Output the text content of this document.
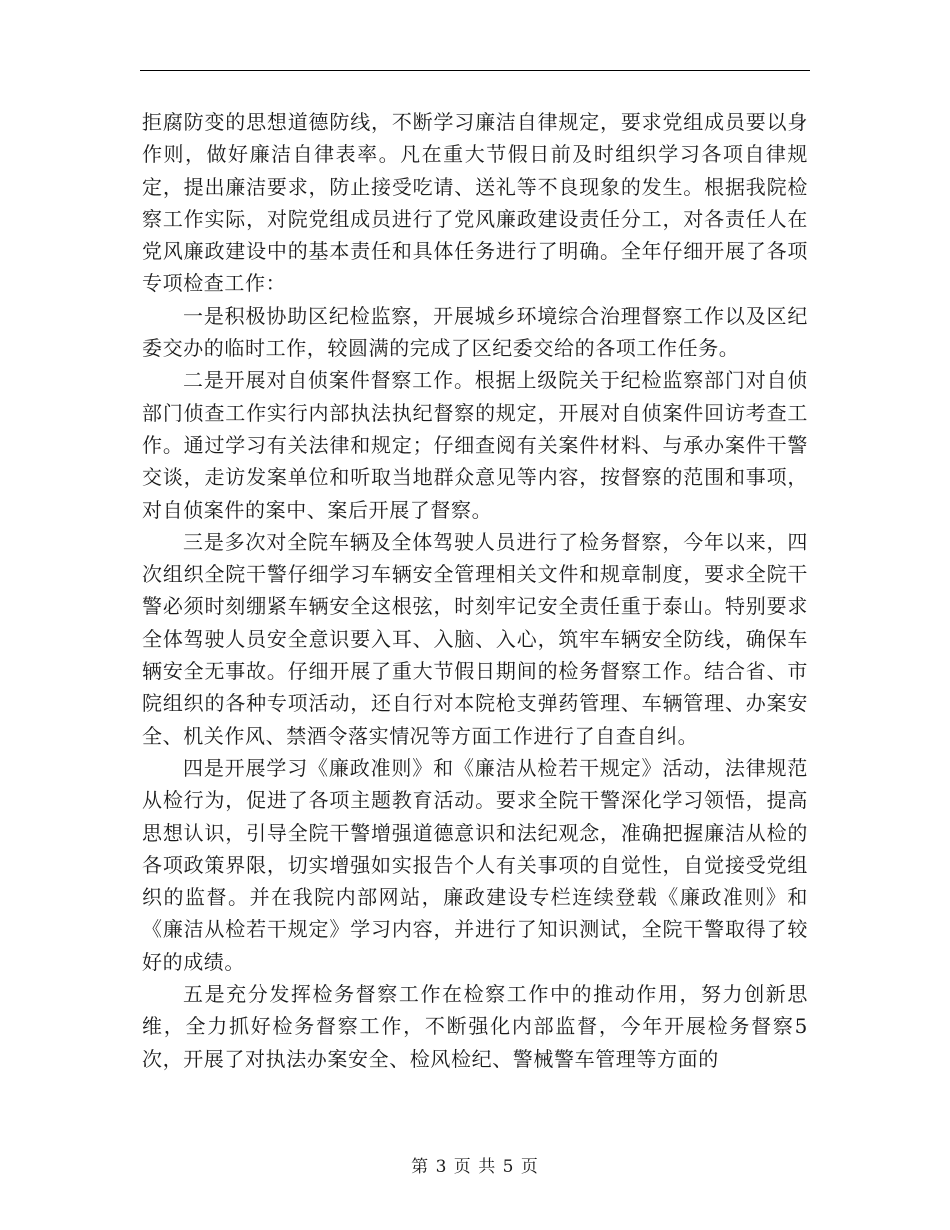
拒腐防变的思想道德防线，不断学习廉洁自律规定，要求党组成员要以身作则，做好廉洁自律表率。凡在重大节假日前及时组织学习各项自律规定，提出廉洁要求，防止接受吃请、送礼等不良现象的发生。根据我院检察工作实际，对院党组成员进行了党风廉政建设责任分工，对各责任人在党风廉政建设中的基本责任和具体任务进行了明确。全年仔细开展了各项专项检查工作：

一是积极协助区纪检监察，开展城乡环境综合治理督察工作以及区纪委交办的临时工作，较圆满的完成了区纪委交给的各项工作任务。

二是开展对自侦案件督察工作。根据上级院关于纪检监察部门对自侦部门侦查工作实行内部执法执纪督察的规定，开展对自侦案件回访考查工作。通过学习有关法律和规定；仔细查阅有关案件材料、与承办案件干警交谈，走访发案单位和听取当地群众意见等内容，按督察的范围和事项，对自侦案件的案中、案后开展了督察。

三是多次对全院车辆及全体驾驶人员进行了检务督察，今年以来，四次组织全院干警仔细学习车辆安全管理相关文件和规章制度，要求全院干警必须时刻绷紧车辆安全这根弦，时刻牢记安全责任重于泰山。特别要求全体驾驶人员安全意识要入耳、入脑、入心，筑牢车辆安全防线，确保车辆安全无事故。仔细开展了重大节假日期间的检务督察工作。结合省、市院组织的各种专项活动，还自行对本院枪支弹药管理、车辆管理、办案安全、机关作风、禁酒令落实情况等方面工作进行了自查自纠。

四是开展学习《廉政准则》和《廉洁从检若干规定》活动，法律规范从检行为，促进了各项主题教育活动。要求全院干警深化学习领悟，提高思想认识，引导全院干警增强道德意识和法纪观念，准确把握廉洁从检的各项政策界限，切实增强如实报告个人有关事项的自觉性，自觉接受党组织的监督。并在我院内部网站，廉政建设专栏连续登载《廉政准则》和《廉洁从检若干规定》学习内容，并进行了知识测试，全院干警取得了较好的成绩。

五是充分发挥检务督察工作在检察工作中的推动作用，努力创新思维，全力抓好检务督察工作，不断强化内部监督，今年开展检务督察5次，开展了对执法办案安全、检风检纪、警械警车管理等方面的

第 3 页 共 5 页
